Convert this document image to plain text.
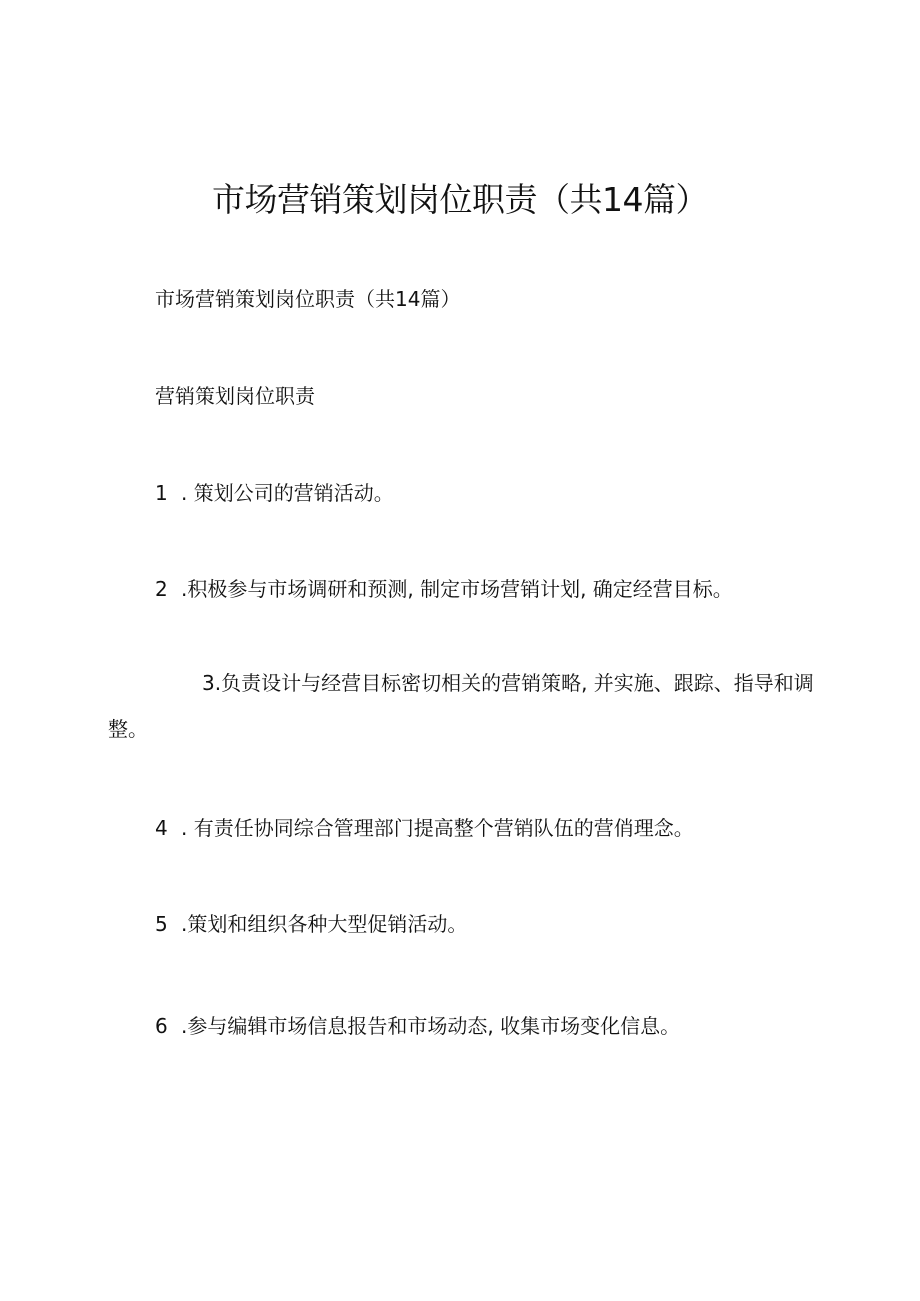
市场营销策划岗位职责（共14篇）

市场营销策划岗位职责（共14篇）

营销策划岗位职责

1 . 策划公司的营销活动。

2 .积极参与市场调研和预测, 制定市场营销计划, 确定经营目标。

3.负责设计与经营目标密切相关的营销策略, 并实施、跟踪、指导和调整。

4 . 有责任协同综合管理部门提高整个营销队伍的营俏理念。

5 .策划和组织各种大型促销活动。

6 .参与编辑市场信息报告和市场动态, 收集市场变化信息。
